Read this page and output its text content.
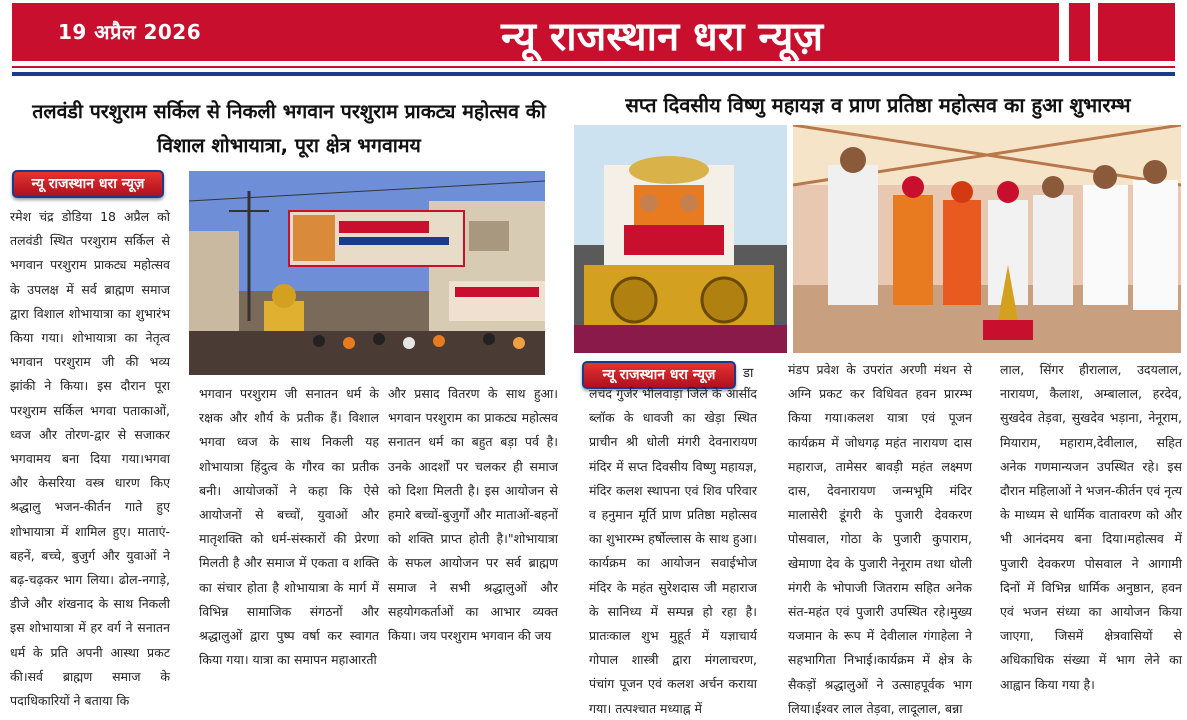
19 अप्रैल 2026	न्यू राजस्थान धरा न्यूज़
तलवंडी परशुराम सर्किल से निकली भगवान परशुराम प्राकट्य महोत्सव की विशाल शोभायात्रा, पूरा क्षेत्र भगवामय
सप्त दिवसीय विष्णु महायज्ञ व प्राण प्रतिष्ठा महोत्सव का हुआ शुभारम्भ
न्यू राजस्थान धरा न्यूज़
न्यू राजस्थान धरा न्यूज़	डा
रमेश चंद्र डोडिया 18 अप्रैल को तलवंडी स्थित परशुराम सर्किल से भगवान परशुराम प्राकट्य महोत्सव के उपलक्ष में सर्व ब्राह्मण समाज द्वारा विशाल शोभायात्रा का शुभारंभ किया गया। शोभायात्रा का नेतृत्व भगवान परशुराम जी की भव्य झांकी ने किया। इस दौरान पूरा परशुराम सर्किल भगवा पताकाओं, ध्वज और तोरण-द्वार से सजाकर भगवामय बना दिया गया।भगवा और केसरिया वस्त्र धारण किए श्रद्धालु भजन-कीर्तन गाते हुए शोभायात्रा में शामिल हुए। माताएं-बहनें, बच्चे, बुजुर्ग और युवाओं ने बढ़-चढ़कर भाग लिया। ढोल-नगाड़े, डीजे और शंखनाद के साथ निकली इस शोभायात्रा में हर वर्ग ने सनातन धर्म के प्रति अपनी आस्था प्रकट की।सर्व ब्राह्मण समाज के पदाधिकारियों ने बताया कि
भगवान परशुराम जी सनातन धर्म के रक्षक और शौर्य के प्रतीक हैं। विशाल भगवा ध्वज के साथ निकली यह शोभायात्रा हिंदुत्व के गौरव का प्रतीक बनी। आयोजकों ने कहा कि ऐसे आयोजनों से बच्चों, युवाओं और मातृशक्ति को धर्म-संस्कारों की प्रेरणा मिलती है और समाज में एकता व शक्ति का संचार होता है शोभायात्रा के मार्ग में विभिन्न सामाजिक संगठनों और श्रद्धालुओं द्वारा पुष्प वर्षा कर स्वागत किया गया। यात्रा का समापन महाआरती
और प्रसाद वितरण के साथ हुआ।भगवान परशुराम का प्राकट्य महोत्सव सनातन धर्म का बहुत बड़ा पर्व है। उनके आदर्शों पर चलकर ही समाज को दिशा मिलती है। इस आयोजन से हमारे बच्चों-बुजुर्गों और माताओं-बहनों को शक्ति प्राप्त होती है।"शोभायात्रा के सफल आयोजन पर सर्व ब्राह्मण समाज ने सभी श्रद्धालुओं और सहयोगकर्ताओं का आभार व्यक्त किया। जय परशुराम भगवान की जय
लचंद गुर्जर भीलवाड़ा जिले के आसींद ब्लॉक के धावजी का खेड़ा स्थित प्राचीन श्री धोली मंगरी देवनारायण मंदिर में सप्त दिवसीय विष्णु महायज्ञ, मंदिर कलश स्थापना एवं शिव परिवार व हनुमान मूर्ति प्राण प्रतिष्ठा महोत्सव का शुभारम्भ हर्षोल्लास के साथ हुआ। कार्यक्रम का आयोजन सवाईभोज मंदिर के महंत सुरेशदास जी महाराज के सानिध्य में सम्पन्न हो रहा है।प्रातःकाल शुभ मुहूर्त में यज्ञाचार्य गोपाल शास्त्री द्वारा मंगलाचरण, पंचांग पूजन एवं कलश अर्चन कराया गया। तत्पश्चात मध्याह्न में
मंडप प्रवेश के उपरांत अरणी मंथन से अग्नि प्रकट कर विधिवत हवन प्रारम्भ किया गया।कलश यात्रा एवं पूजन कार्यक्रम में जोधगढ़ महंत नारायण दास महाराज, तामेसर बावड़ी महंत लक्ष्मण दास, देवनारायण जन्मभूमि मंदिर मालासेरी डूंगरी के पुजारी देवकरण पोसवाल, गोठा के पुजारी कुपाराम, खेमाणा देव के पुजारी नेनूराम तथा धोली मंगरी के भोपाजी जितराम सहित अनेक संत-महंत एवं पुजारी उपस्थित रहे।मुख्य यजमान के रूप में देवीलाल गंगाहेला ने सहभागिता निभाई।कार्यक्रम में क्षेत्र के सैकड़ों श्रद्धालुओं ने उत्साहपूर्वक भाग लिया।ईश्वर लाल तेड़वा, लादूलाल, बन्ना
लाल, सिंगर हीरालाल, उदयलाल, नारायण, कैलाश, अम्बालाल, हरदेव, सुखदेव तेड़वा, सुखदेव भड़ाना, नेनूराम, मियाराम, महाराम,देवीलाल, सहित अनेक गणमान्यजन उपस्थित रहे। इस दौरान महिलाओं ने भजन-कीर्तन एवं नृत्य के माध्यम से धार्मिक वातावरण को और भी आनंदमय बना दिया।महोत्सव में पुजारी देवकरण पोसवाल ने आगामी दिनों में विभिन्न धार्मिक अनुष्ठान, हवन एवं भजन संध्या का आयोजन किया जाएगा, जिसमें क्षेत्रवासियों से अधिकाधिक संख्या में भाग लेने का आह्वान किया गया है।
